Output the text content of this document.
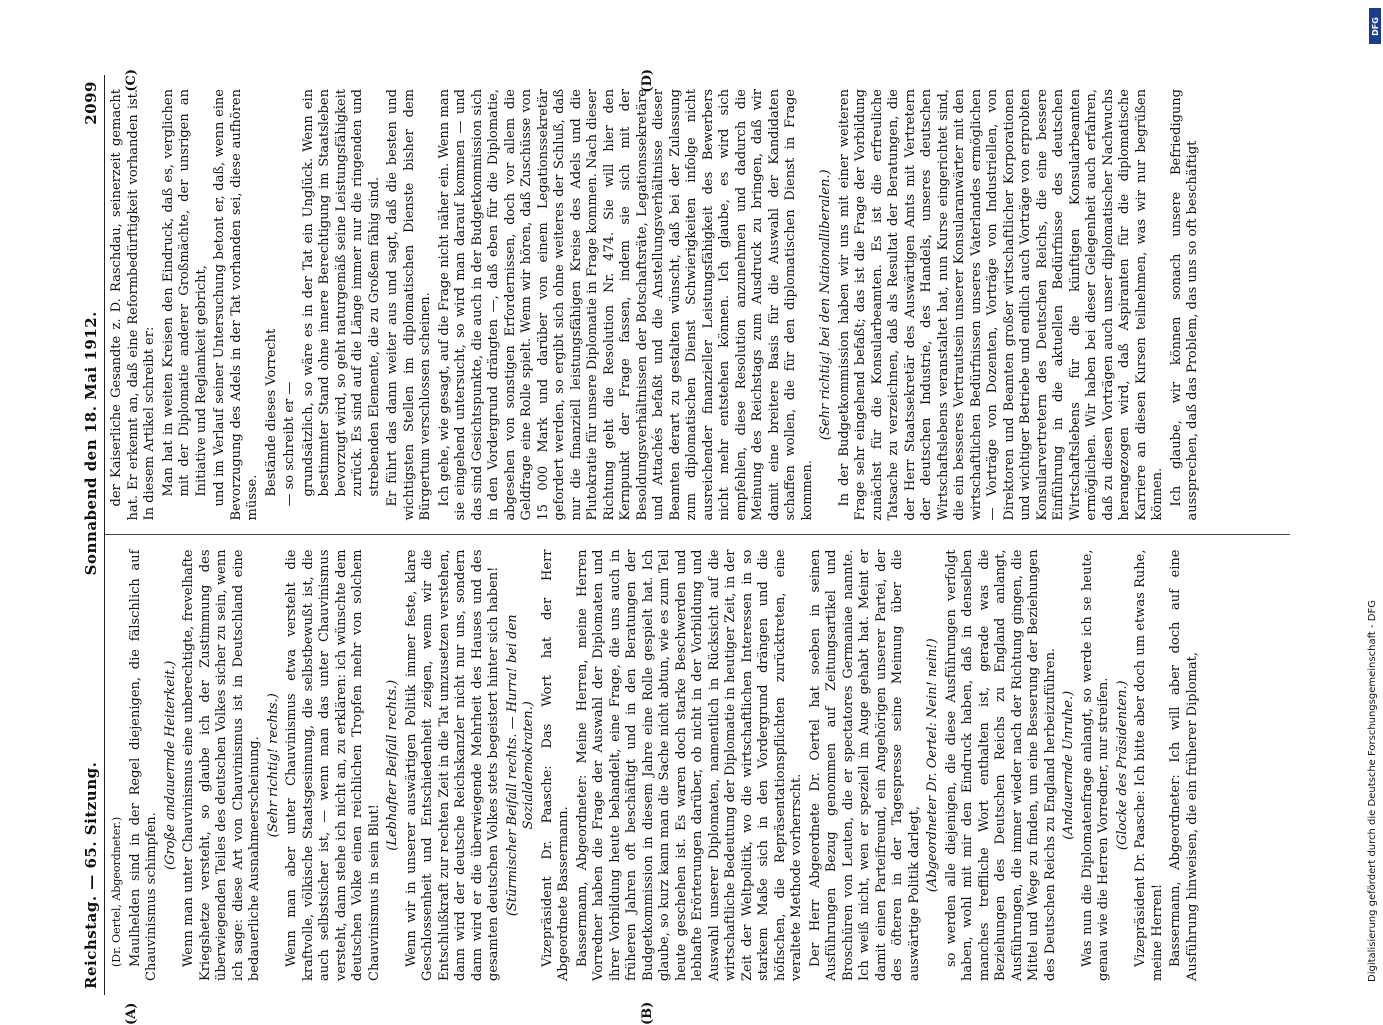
Reichstag. — 65. Sitzung.
Sonnabend den 18. Mai 1912.
2099
(A)	(B)
(C)	(D)

(Dr. Oertel, Abgeordneter.) Maulhelden sind in der Regel diejenigen, die fälschlich auf Chauvinismus schimpfen.

(Große andauernde Heiterkeit.) Wenn man unter Chauvinismus eine unberechtigte, frevelhafte Kriegshetze versteht, so glaube ich der Zustimmung des überwiegenden Teiles des deutschen Volkes sicher zu sein, wenn ich sage: diese Art von Chauvinismus ist in Deutschland eine bedauerliche Ausnahmeerscheinung. (Sehr richtig! rechts.) Wenn man aber unter Chauvinismus etwa versteht die kraftvolle, völkische Staatsgesinnung, die selbstbewußt ist, die auch selbstsicher ist, — wenn man das unter Chauvinismus versteht, dann stehe ich nicht an, zu erklären: ich wünschte dem deutschen Volke einen reichlichen Tropfen mehr von solchem Chauvinismus in sein Blut!

(Lebhafter Beifall rechts.) Wenn wir in unserer auswärtigen Politik immer feste, klare Geschlossenheit und Entschiedenheit zeigen, wenn wir die Entschlußkraft zur rechten Zeit in die Tat umzusetzen verstehen, dann wird der deutsche Reichskanzler nicht nur uns, sondern dann wird er die überwiegende Mehrheit des Hauses und des gesamten deutschen Volkes stets begeistert hinter sich haben! (Stürmischer Beifall rechts. — Hurra! bei den Sozialdemokraten.) Vizepräsident Dr. Paasche: Das Wort hat der Herr Abgeordnete Bassermann. Bassermann, Abgeordneter: Meine Herren, meine Herren Vorredner haben die Frage der Auswahl der Diplomaten und ihrer Vorbildung heute behandelt, eine Frage, die uns auch in früheren Jahren oft beschäftigt und in den Beratungen der Budgetkommission in diesem Jahre eine Rolle gespielt hat. Ich glaube, so kurz kann man die Sache nicht abtun, wie es zum Teil heute geschehen ist. Es waren doch starke Beschwerden und lebhafte Erörterungen darüber, ob nicht in der Vorbildung und Auswahl unserer Diplomaten, namentlich in Rücksicht auf die wirtschaftliche Bedeutung der Diplomatie in heutiger Zeit, in der Zeit der Weltpolitik, wo die wirtschaftlichen Interessen in so starkem Maße sich in den Vordergrund drängen und die höfischen, die Repräsentationspflichten zurücktreten, eine veraltete Methode vorherrscht. Der Herr Abgeordnete Dr. Oertel hat soeben in seinen Ausführungen Bezug genommen auf Zeitungsartikel und Broschüren von Leuten, die er spectatores Germaniae nannte. Ich weiß nicht, wen er speziell im Auge gehabt hat. Meint er damit einen Parteifreund, ein Angehörigen unserer Partei, der des öfteren in der Tagespresse seine Meinung über die auswärtige Politik darlegt,

(Abgeordneter Dr. Oertel: Nein! nein!) so werden alle diejenigen, die diese Ausführungen verfolgt haben, wohl mit mir den Eindruck haben, daß in denselben manches treffliche Wort enthalten ist, gerade was die Beziehungen des Deutschen Reichs zu England anlangt, Ausführungen, die immer wieder nach der Richtung gingen, die Mittel und Wege zu finden, um eine Besserung der Beziehungen des Deutschen Reichs zu England herbeizuführen. (Andauernde Unruhe.) Was nun die Diplomatenfrage anlangt, so werde ich se heute, genau wie die Herren Vorredner, nur streifen. (Glocke des Präsidenten.) Vizepräsident Dr. Paasche: Ich bitte aber doch um etwas Ruhe, meine Herren! Bassermann, Abgeordneter: Ich will aber doch auf eine Ausführung hinweisen, die ein früherer Diplomat,

der Kaiserliche Gesandte z. D. Raschdau, seinerzeit gemacht hat. Er erkennt an, daß eine Reformbedürftigkeit vorhanden ist. In diesem Artikel schreibt er: Man hat in weiten Kreisen den Eindruck, daß es, verglichen mit der Diplomatie anderer Großmächte, der unsrigen an Initiative und Reglamkeit gebricht, und im Verlauf seiner Untersuchung betont er, daß, wenn eine Bevorzugung des Adels in der Tat vorhanden sei, diese aufhören müsse.

Bestände dieses Vorrecht — so schreibt er — grundsätzlich, so wäre es in der Tat ein Unglück. Wenn ein bestimmter Stand ohne innere Berechtigung im Staatsleben bevorzugt wird, so geht naturgemäß seine Leistungsfähigkeit zurück. Es sind auf die Länge immer nur die ringenden und strebenden Elemente, die zu Großem fähig sind. Er führt das dann weiter aus und sagt, daß die besten und wichtigsten Stellen im diplomatischen Dienste bisher dem Bürgertum verschlossen scheinen. Ich gehe, wie gesagt, auf die Frage nicht näher ein. Wenn man sie eingehend untersucht, so wird man darauf kommen — und das sind Gesichtspunkte, die auch in der Budgetkommission sich in den Vordergrund drängten —, daß eben für die Diplomatie, abgesehen von sonstigen Erfordernissen, doch vor allem die Geldfrage eine Rolle spielt. Wenn wir hören, daß Zuschüsse von 15 000 Mark und darüber von einem Legationssekretär gefordert werden, so ergibt sich ohne weiteres der Schluß, daß nur die finanziell leistungsfähigen Kreise des Adels und die Plutokratie für unsere Diplomatie in Frage kommen. Nach dieser Richtung geht die Resolution Nr. 474. Sie will hier den Kernpunkt der Frage fassen, indem sie sich mit der Besoldungsverhältnissen der Botschaftsräte, Legationssekretäre und Attachés befaßt und die Anstellungsverhältnisse dieser Beamten derart zu gestalten wünscht, daß bei der Zulassung zum diplomatischen Dienst Schwierigkeiten infolge nicht ausreichender finanzieller Leistungsfähigkeit des Bewerbers nicht mehr entstehen können. Ich glaube, es wird sich empfehlen, diese Resolution anzunehmen und dadurch die Meinung des Reichstags zum Ausdruck zu bringen, daß wir damit eine breitere Basis für die Auswahl der Kandidaten schaffen wollen, die für den diplomatischen Dienst in Frage kommen.

(Sehr richtig! bei den Nationalliberalen.) In der Budgetkommission haben wir uns mit einer weiteren Frage sehr eingehend befaßt; das ist die Frage der Vorbildung zunächst für die Konsularbeamten. Es ist die erfreuliche Tatsache zu verzeichnen, daß als Resultat der Beratungen, die der Herr Staatssekretär des Auswärtigen Amts mit Vertretern der deutschen Industrie, des Handels, unseres deutschen Wirtschaftslebens veranstaltet hat, nun Kurse eingerichtet sind, die ein besseres Vertrautsein unserer Konsularanwärter mit den wirtschaftlichen Bedürfnissen unseres Vaterlandes ermöglichen — Vorträge von Dozenten, Vorträge von Industriellen, von Direktoren und Beamten großer wirtschaftlicher Korporationen und wichtiger Betriebe und endlich auch Vorträge von erprobten Konsularvertretern des Deutschen Reichs, die eine bessere Einführung in die aktuellen Bedürfnisse des deutschen Wirtschaftslebens für die künftigen Konsularbeamten ermöglichen. Wir haben bei dieser Gelegenheit auch erfahren, daß zu diesen Vorträgen auch unser diplomatischer Nachwuchs herangezogen wird, daß Aspiranten für die diplomatische Karriere an diesen Kursen teilnehmen, was wir nur begrüßen können. Ich glaube, wir können sonach unsere Befriedigung aussprechen, daß das Problem, das uns so oft beschäftigt

DFG
Digitalisierung gefördert durch die Deutsche Forschungsgemeinschaft - DFG
